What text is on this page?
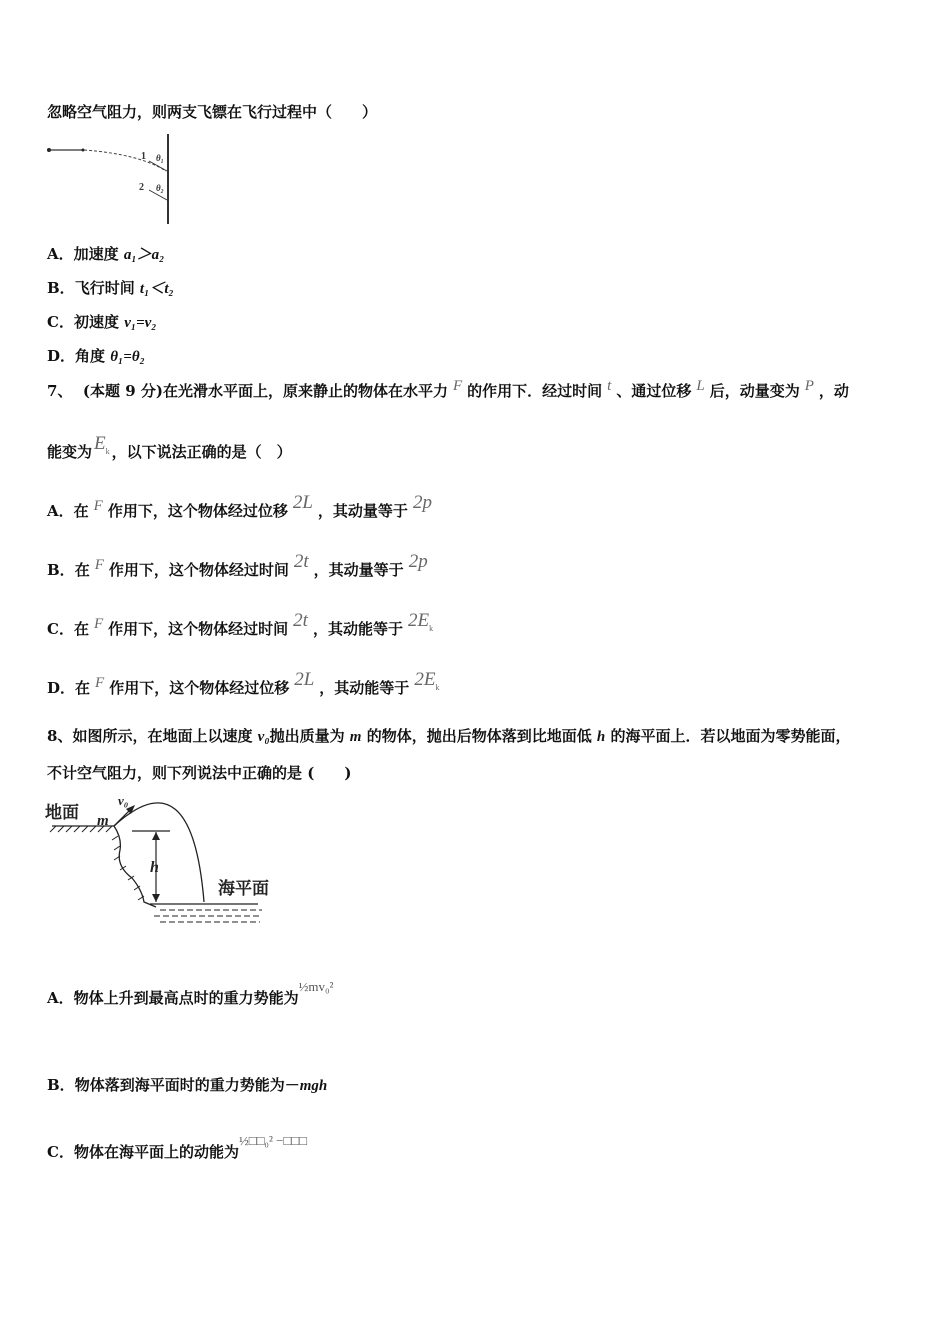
忽略空气阻力，则两支飞镖在飞行过程中（　　）
1 θ₁
2 θ₂
A．加速度 a₁＞a₂
B．飞行时间 t₁＜t₂
C．初速度 v₁=v₂
D．角度 θ₁=θ₂
7、 (本题 9 分)在光滑水平面上，原来静止的物体在水平力 F 的作用下．经过时间 t 、通过位移 L 后，动量变为 P ，动
能变为 $E_k$ ，以下说法正确的是（　）
A．在 F 作用下，这个物体经过位移 2L ，其动量等于 2p
B．在 F 作用下，这个物体经过时间 2t ，其动量等于 2p
C．在 F 作用下，这个物体经过时间 2t ，其动能等于 $2E_k$
D．在 F 作用下，这个物体经过位移 2L ，其动能等于 $2E_k$
8、如图所示，在地面上以速度 v₀抛出质量为 m 的物体，抛出后物体落到比地面低 h 的海平面上．若以地面为零势能面，
不计空气阻力，则下列说法中正确的是 (　　)
地面 m
v₀
h
海平面
A．物体上升到最高点时的重力势能为½mv₀²
B．物体落到海平面时的重力势能为－mgh
C．物体在海平面上的动能为½□□₀² −□□□
